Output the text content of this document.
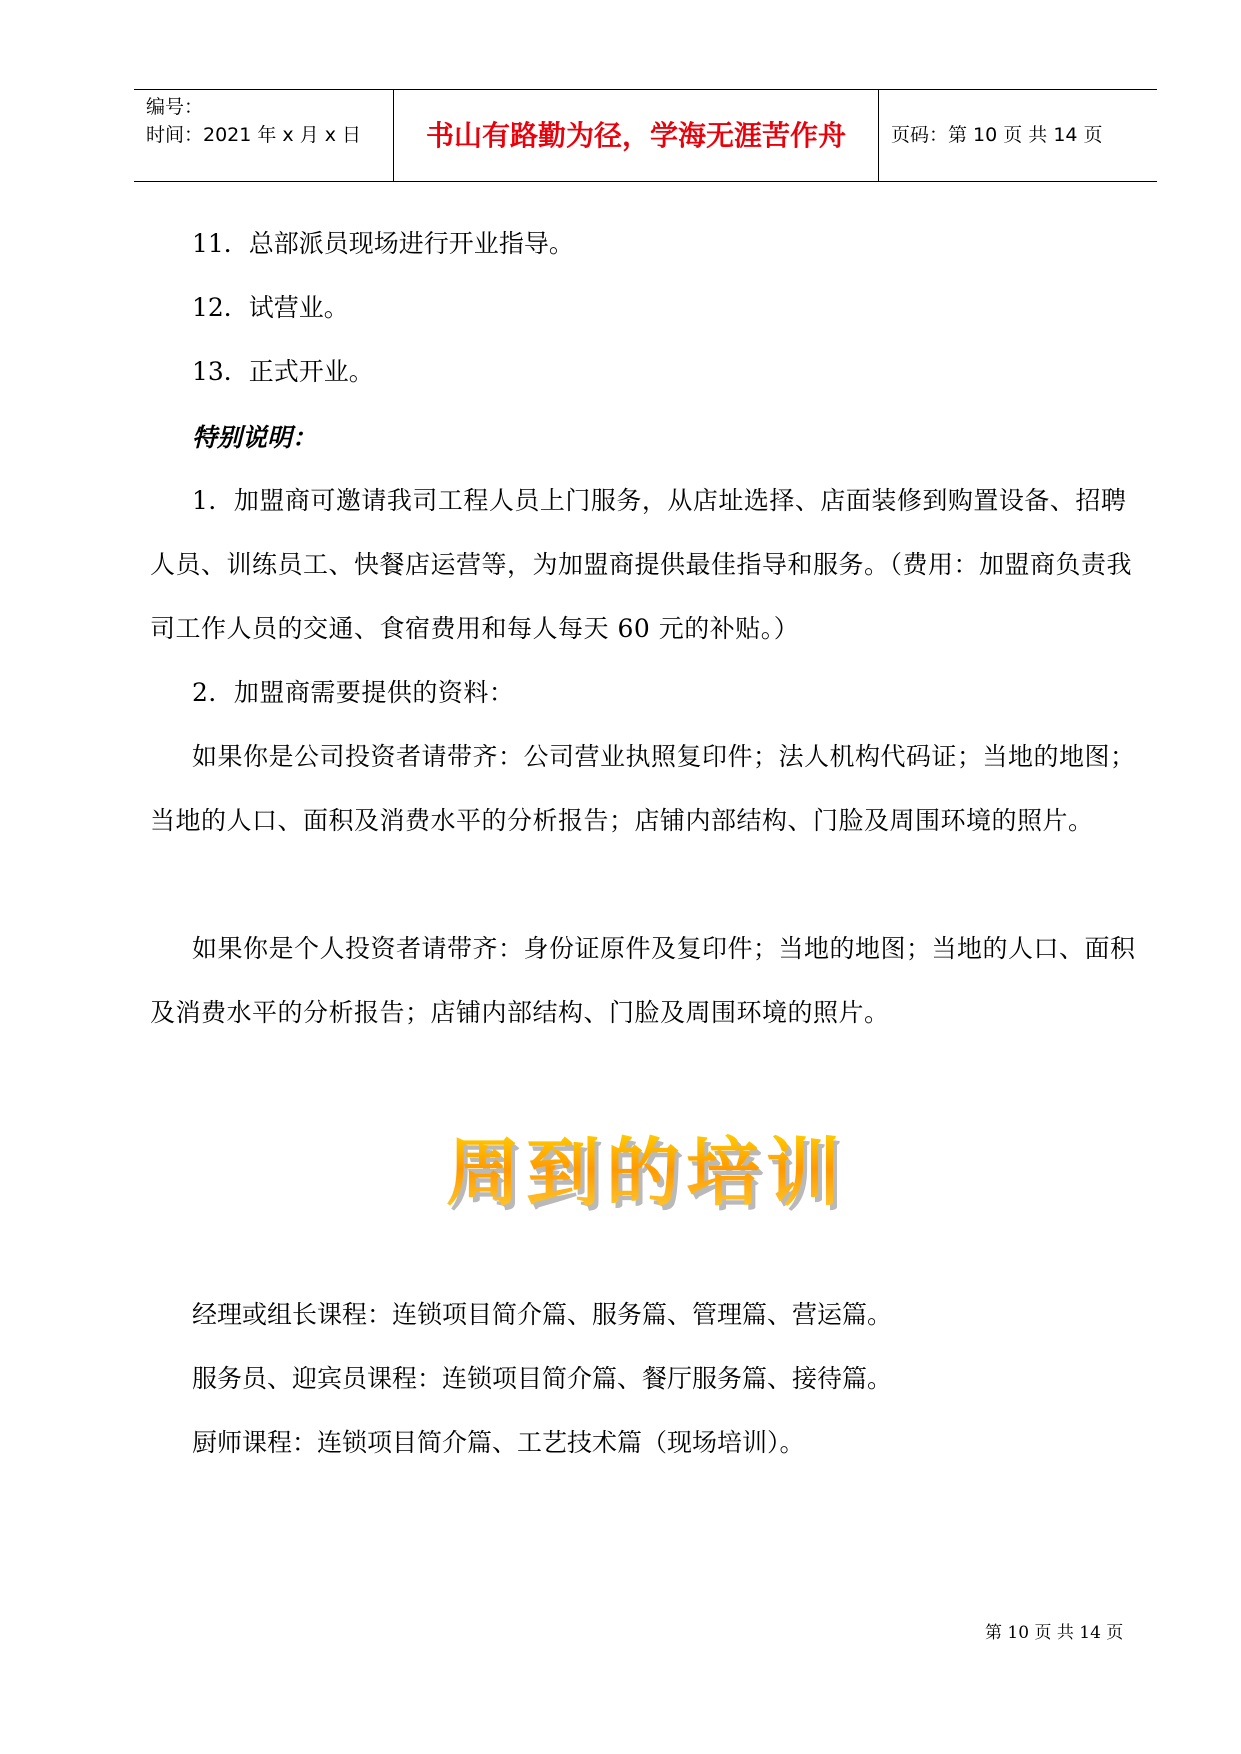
编号：
时间：2021 年 x 月 x 日	书山有路勤为径，学海无涯苦作舟	页码：第 10 页 共 14 页

11．总部派员现场进行开业指导。

12．试营业。

13．正式开业。

特别说明：

1．加盟商可邀请我司工程人员上门服务，从店址选择、店面装修到购置设备、招聘人员、训练员工、快餐店运营等，为加盟商提供最佳指导和服务。（费用：加盟商负责我司工作人员的交通、食宿费用和每人每天 60 元的补贴。）

2．加盟商需要提供的资料：

如果你是公司投资者请带齐：公司营业执照复印件；法人机构代码证；当地的地图；当地的人口、面积及消费水平的分析报告；店铺内部结构、门脸及周围环境的照片。

如果你是个人投资者请带齐：身份证原件及复印件；当地的地图；当地的人口、面积及消费水平的分析报告；店铺内部结构、门脸及周围环境的照片。

周到的培训

经理或组长课程：连锁项目简介篇、服务篇、管理篇、营运篇。

服务员、迎宾员课程：连锁项目简介篇、餐厅服务篇、接待篇。

厨师课程：连锁项目简介篇、工艺技术篇（现场培训）。

第 10 页 共 14 页
